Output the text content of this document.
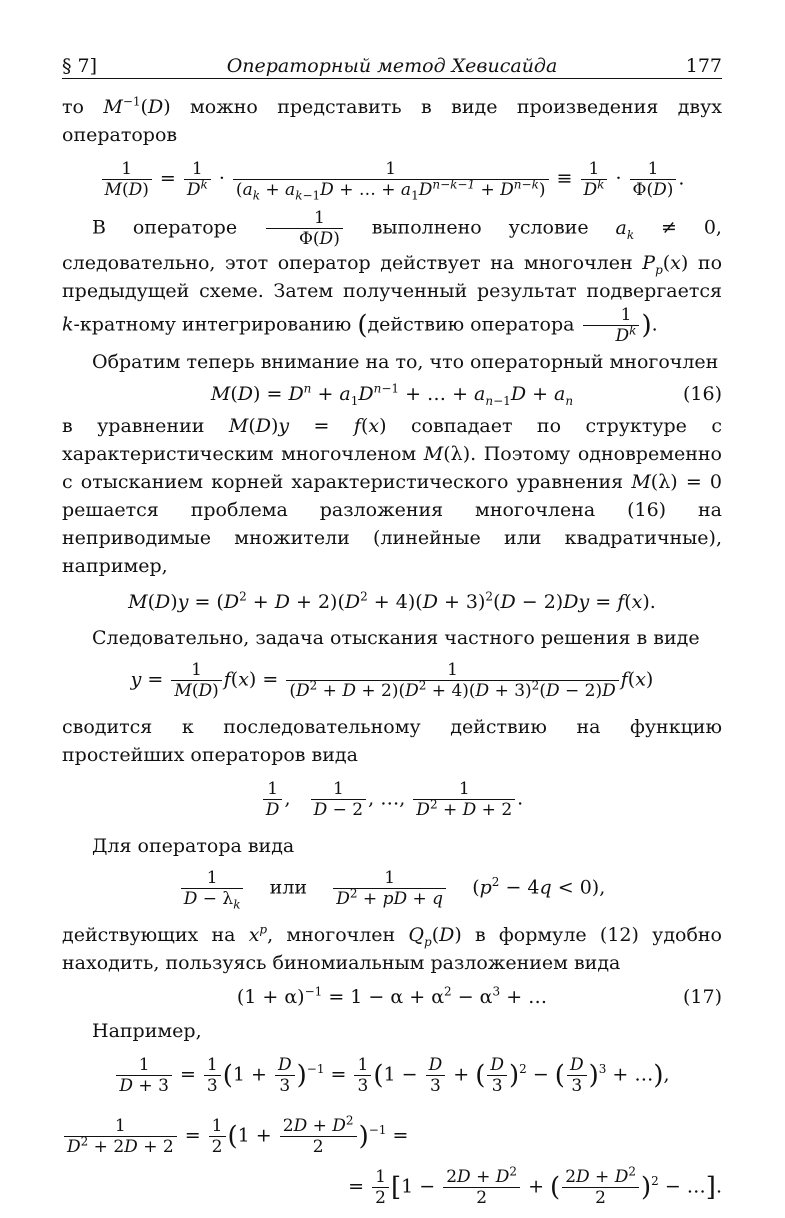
§ 7]	Операторный метод Хевисайда	177

то $M^{-1}(D)$ можно представить в виде произведения двух операторов

$\frac{1}{M(D)} = \frac{1}{D^k} \cdot \frac{1}{(a_k + a_{k-1}D + \dots + a_1D^{n-k-1} + D^{n-k})} \equiv \frac{1}{D^k} \cdot \frac{1}{\Phi(D)}$ .

В операторе $\frac{1}{\Phi(D)}$ выполнено условие $a_k \ne 0$, следовательно, этот оператор действует на многочлен $P_p(x)$ по предыдущей схеме. Затем полученный результат подвергается k-кратному интегрированию (действию оператора $\frac{1}{D^k}$ ).

Обратим теперь внимание на то, что операторный многочлен

$M(D) = D^n + a_1D^{n-1}$ + … + $a_{n-1}D + a_n$	(16)

в уравнении M(D)y = f(x) совпадает по структуре с характеристическим многочленом M(λ). Поэтому одновременно с отысканием корней характеристического уравнения M(λ) = 0 решается проблема разложения многочлена (16) на неприводимые множители (линейные или квадратичные), например,

$M(D)y = (D^2 + D + 2)(D^2 + 4)(D + 3)^2(D - 2)Dy = f(x)$.

Следовательно, задача отыскания частного решения в виде

$y = \frac{1}{M(D)} f(x) = \frac{1}{(D^2 + D + 2)(D^2 + 4)(D + 3)^2(D - 2)D} f(x)$

сводится к последовательному действию на функцию простейших операторов вида

$\frac{1}{D}$ , $\frac{1}{D - 2}$ , …, $\frac{1}{D^2 + D + 2}$ .

Для оператора вида

$\frac{1}{D - \lambda_k}$ или $\frac{1}{D^2 + pD + q} (p^2 - 4q < 0)$,

действующих на $x^p$, многочлен $Q_p(D)$ в формуле (12) удобно находить, пользуясь биномиальным разложением вида

$(1 + \alpha)^{-1} = 1 - \alpha + \alpha^2 - \alpha^3$ + …	(17)

Например,

$\frac{1}{D + 3} = \frac{1}{3} (1 + \frac{D}{3} )^{-1} = \frac{1}{3} (1 - \frac{D}{3}$ + ( $\frac{D}{3} )^2$ − ( $\frac{D}{3} )^3$ + …),
$\frac{1}{D^2 + 2D + 2} = \frac{1}{2} (1 + \frac{2D + D^2}{2} )^{-1}$ =
= $\frac{1}{2} [1 - \frac{2D + D^2}{2}$ + ( $\frac{2D + D^2}{2} )^2$ − …].
